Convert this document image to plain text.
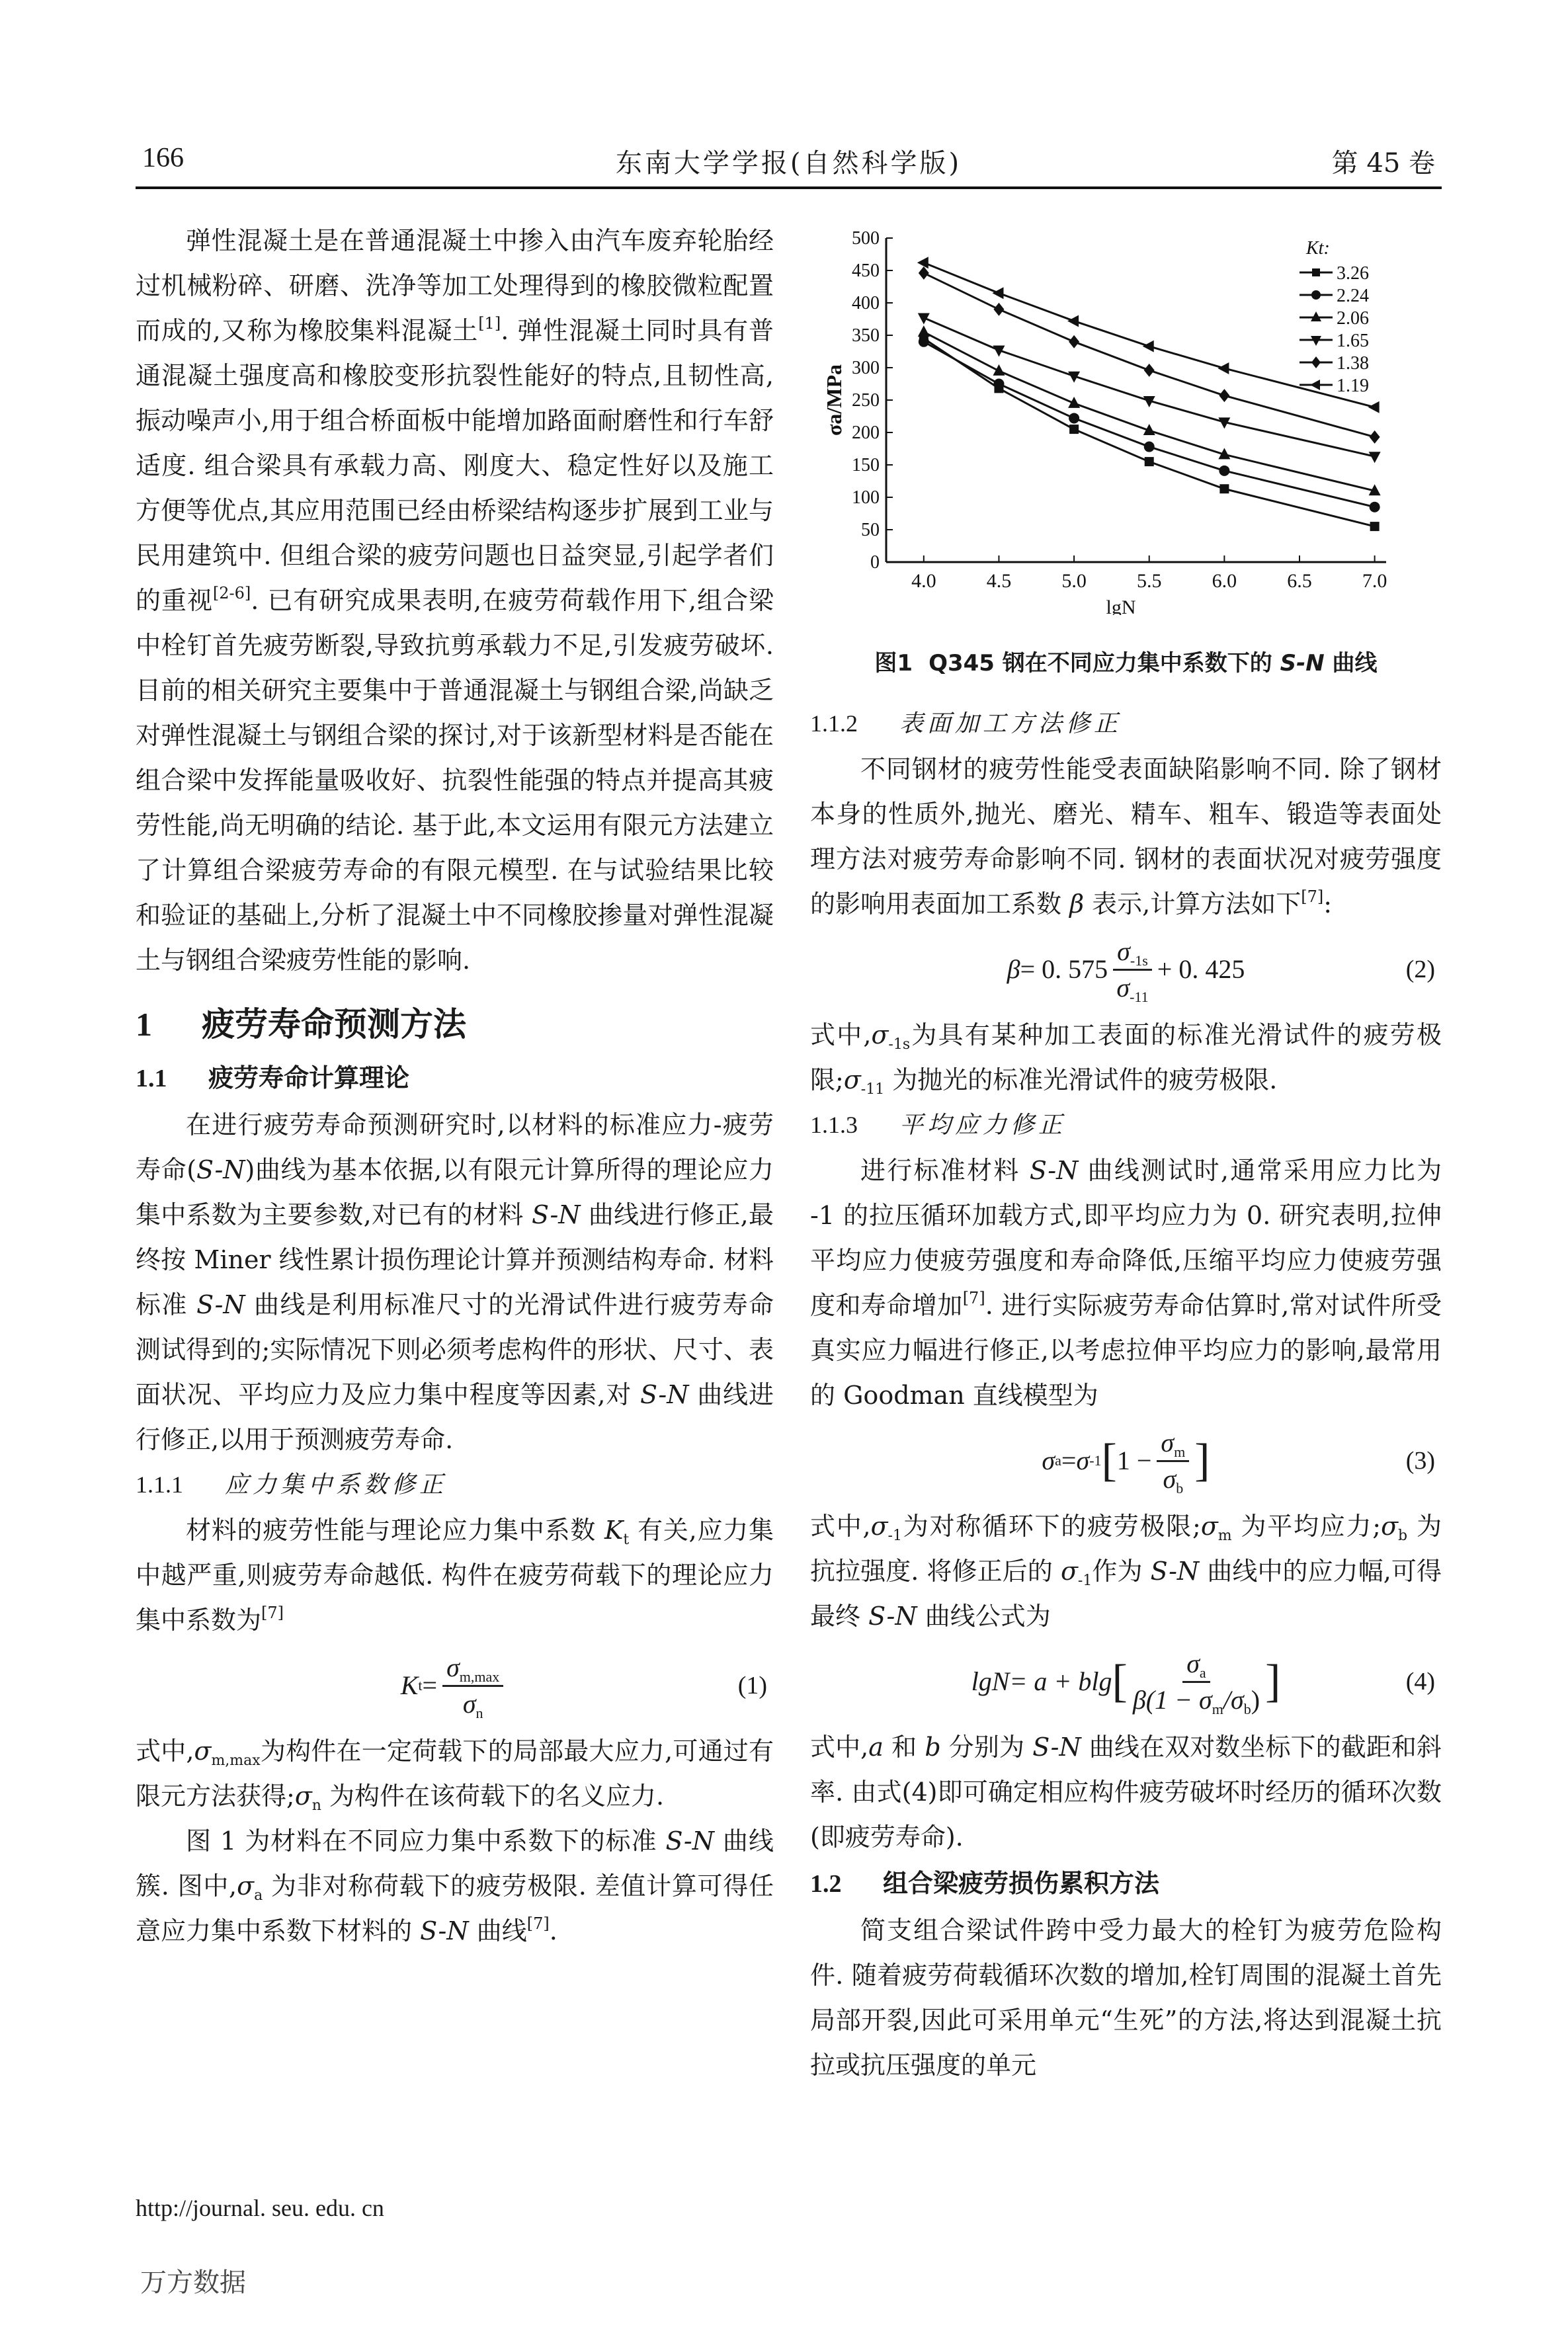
166	东南大学学报(自然科学版)	第 45 卷

弹性混凝土是在普通混凝土中掺入由汽车废弃轮胎经过机械粉碎、研磨、洗净等加工处理得到的橡胶微粒配置而成的,又称为橡胶集料混凝土[1]. 弹性混凝土同时具有普通混凝土强度高和橡胶变形抗裂性能好的特点,且韧性高,振动噪声小,用于组合桥面板中能增加路面耐磨性和行车舒适度. 组合梁具有承载力高、刚度大、稳定性好以及施工方便等优点,其应用范围已经由桥梁结构逐步扩展到工业与民用建筑中. 但组合梁的疲劳问题也日益突显,引起学者们的重视[2-6]. 已有研究成果表明,在疲劳荷载作用下,组合梁中栓钉首先疲劳断裂,导致抗剪承载力不足,引发疲劳破坏. 目前的相关研究主要集中于普通混凝土与钢组合梁,尚缺乏对弹性混凝土与钢组合梁的探讨,对于该新型材料是否能在组合梁中发挥能量吸收好、抗裂性能强的特点并提高其疲劳性能,尚无明确的结论. 基于此,本文运用有限元方法建立了计算组合梁疲劳寿命的有限元模型. 在与试验结果比较和验证的基础上,分析了混凝土中不同橡胶掺量对弹性混凝土与钢组合梁疲劳性能的影响.

1 疲劳寿命预测方法
1.1 疲劳寿命计算理论

在进行疲劳寿命预测研究时,以材料的标准应力-疲劳寿命(S-N)曲线为基本依据,以有限元计算所得的理论应力集中系数为主要参数,对已有的材料 S-N 曲线进行修正,最终按 Miner 线性累计损伤理论计算并预测结构寿命. 材料标准 S-N 曲线是利用标准尺寸的光滑试件进行疲劳寿命测试得到的;实际情况下则必须考虑构件的形状、尺寸、表面状况、平均应力及应力集中程度等因素,对 S-N 曲线进行修正,以用于预测疲劳寿命.

1.1.1 应力集中系数修正

材料的疲劳性能与理论应力集中系数 $K_t$ 有关,应力集中越严重,则疲劳寿命越低. 构件在疲劳荷载下的理论应力集中系数为[7]

K $t = \frac{\sigma_{m,max}}{\sigma_n}$	(1)

式中$,\sigma_{m,max}$为构件在一定荷载下的局部最大应力,可通过有限元方法获得$;\sigma_n$ 为构件在该荷载下的名义应力.

图 1 为材料在不同应力集中系数下的标准 S-N 曲线簇. 图中$,\sigma_a$ 为非对称荷载下的疲劳极限. 差值计算可得任意应力集中系数下材料的 S-N 曲线[7].

0
50
100
150
200
250
300
350
400
450
500
4.0	4.5	5.0	5.5	6.0	6.5	7.0
lgN
σa/MPa
Kt:
3.26
2.24
2.06
1.65
1.38
1.19
图1 Q345 钢在不同应力集中系数下的 S-N 曲线
1.1.2 表面加工方法修正

不同钢材的疲劳性能受表面缺陷影响不同. 除了钢材本身的性质外,抛光、磨光、精车、粗车、锻造等表面处理方法对疲劳寿命影响不同. 钢材的表面状况对疲劳强度的影响用表面加工系数 β 表示,计算方法如下[7]:

β = 0. $575 \frac{\sigma_{-1s}}{\sigma_{-11}} + 0$. 425	(2)

式中$,\sigma_{-1s}$为具有某种加工表面的标准光滑试件的疲劳极限$;\sigma_{-11}$ 为抛光的标准光滑试件的疲劳极限.

1.1.3 平均应力修正

进行标准材料 S-N 曲线测试时,通常采用应力比为 -1 的拉压循环加载方式,即平均应力为 0. 研究表明,拉伸平均应力使疲劳强度和寿命降低,压缩平均应力使疲劳强度和寿命增加[7]. 进行实际疲劳寿命估算时,常对试件所受真实应力幅进行修正,以考虑拉伸平均应力的影响,最常用的 Goodman 直线模型为

σ a = σ -1 [ $1 - \frac{\sigma_m}{\sigma_b}$ ]	(3)

式中$,\sigma_{-1}$为对称循环下的疲劳极限$;\sigma_m$ 为平均应力$;\sigma_b$ 为抗拉强度. 将修正后的 $\sigma_{-1}$作为 S-N 曲线中的应力幅,可得最终 S-N 曲线公式为

lgN = a + blg [ $\frac{\sigma_a}{\beta(1 - \sigma_m/\sigma_b)}$ ]	(4)

式中,a 和 b 分别为 S-N 曲线在双对数坐标下的截距和斜率. 由式(4)即可确定相应构件疲劳破坏时经历的循环次数(即疲劳寿命).

1.2 组合梁疲劳损伤累积方法

简支组合梁试件跨中受力最大的栓钉为疲劳危险构件. 随着疲劳荷载循环次数的增加,栓钉周围的混凝土首先局部开裂,因此可采用单元“生死”的方法,将达到混凝土抗拉或抗压强度的单元

http://journal. seu. edu. cn
万方数据
